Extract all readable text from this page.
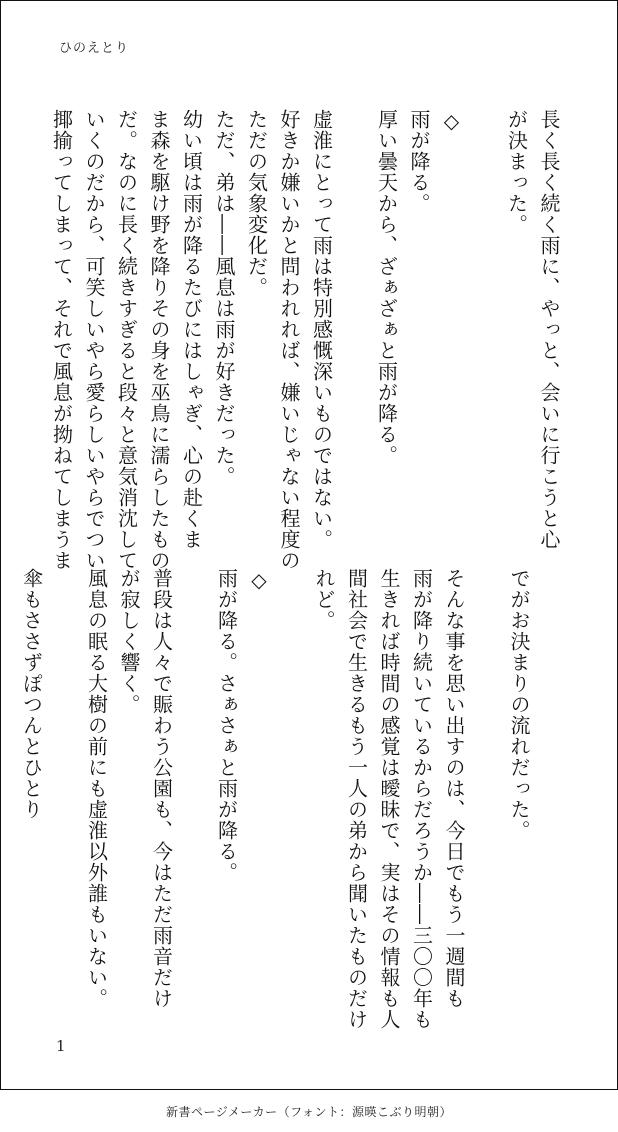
ひのえとり
長く長く続く雨に、やっと、会いに行こうと心
が決まった。

◇
雨が降る。
厚い曇天から、ざぁざぁと雨が降る。

虚淮にとって雨は特別感慨深いものではない。
好きか嫌いかと問われれば、嫌いじゃない程度の
ただの気象変化だ。
ただ、弟は――風息は雨が好きだった。
幼い頃は雨が降るたびにはしゃぎ、心の赴くま
ま森を駆け野を降りその身を巫鳥に濡らしたもの
だ。なのに長く続きすぎると段々と意気消沈して
いくのだから、可笑しいやら愛らしいやらでつい
揶揄ってしまって、それで風息が拗ねてしまうま
でがお決まりの流れだった。

そんな事を思い出すのは、今日でもう一週間も
雨が降り続いているからだろうか――三〇〇年も
生きれば時間の感覚は曖昧で、実はその情報も人
間社会で生きるもう一人の弟から聞いたものだけ
れど。

◇
雨が降る。さぁさぁと雨が降る。

普段は人々で賑わう公園も、今はただ雨音だけ
が寂しく響く。
風息の眠る大樹の前にも虚淮以外誰もいない。

傘もささずぽつんとひとり
1
新書ページメーカー（フォント：源暎こぶり明朝）
